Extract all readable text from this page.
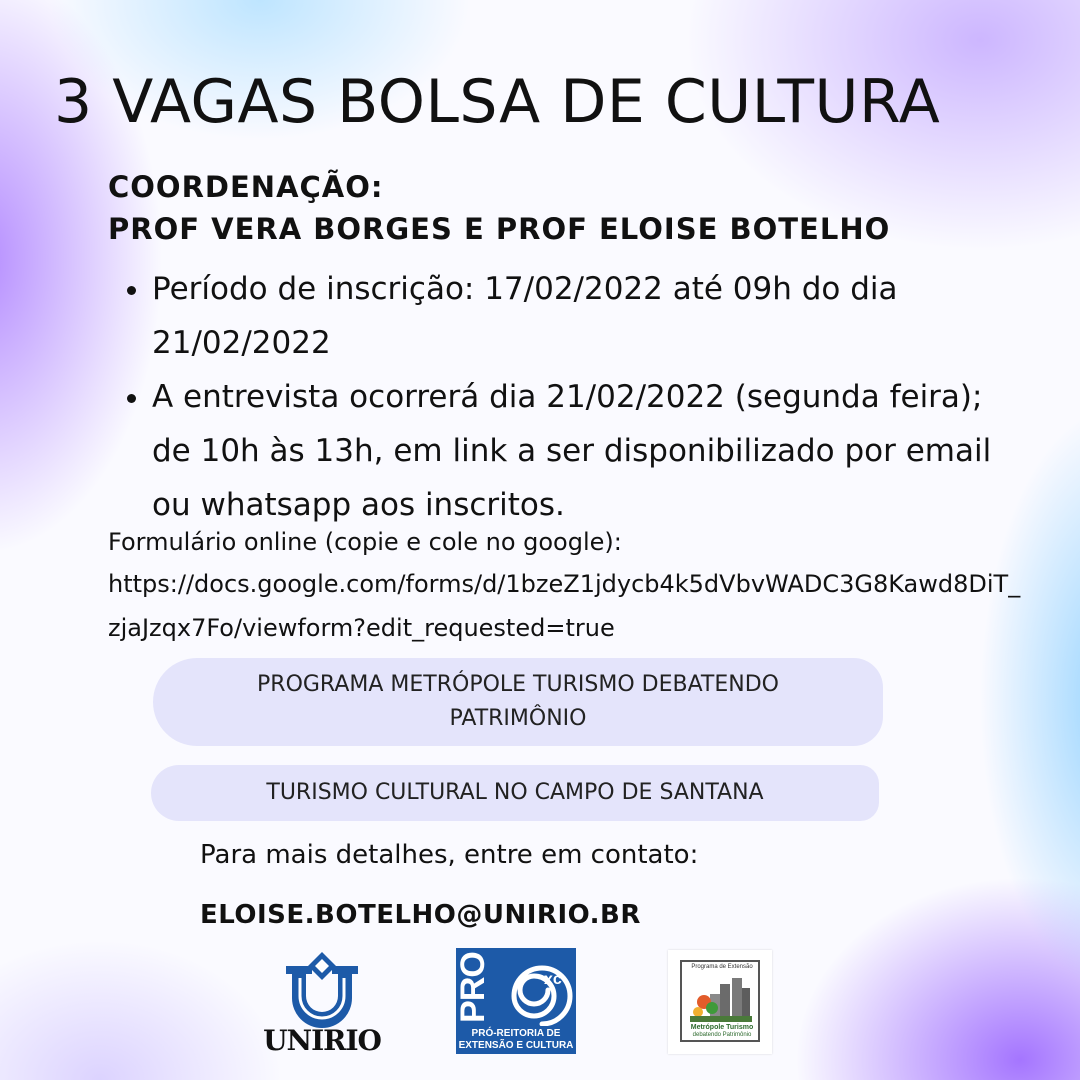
3 VAGAS BOLSA DE CULTURA
COORDENAÇÃO:
PROF VERA BORGES E PROF ELOISE BOTELHO
• Período de inscrição: 17/02/2022 até 09h do dia 21/02/2022
• A entrevista ocorrerá dia 21/02/2022 (segunda feira); de 10h às 13h, em link a ser disponibilizado por email ou whatsapp aos inscritos.
Formulário online (copie e cole no google):
https://docs.google.com/forms/d/1bzeZ1jdycb4k5dVbvWADC3G8Kawd8DiT_zjaJzqx7Fo/viewform?edit_requested=true
PROGRAMA METRÓPOLE TURISMO DEBATENDO PATRIMÔNIO
TURISMO CULTURAL NO CAMPO DE SANTANA
Para mais detalhes, entre em contato:
ELOISE.BOTELHO@UNIRIO.BR
UNIRIO
PRO	xc
PRÓ-REITORIA DE
EXTENSÃO E CULTURA
Programa de Extensão
Metrópole Turismo
debatendo Patrimônio
